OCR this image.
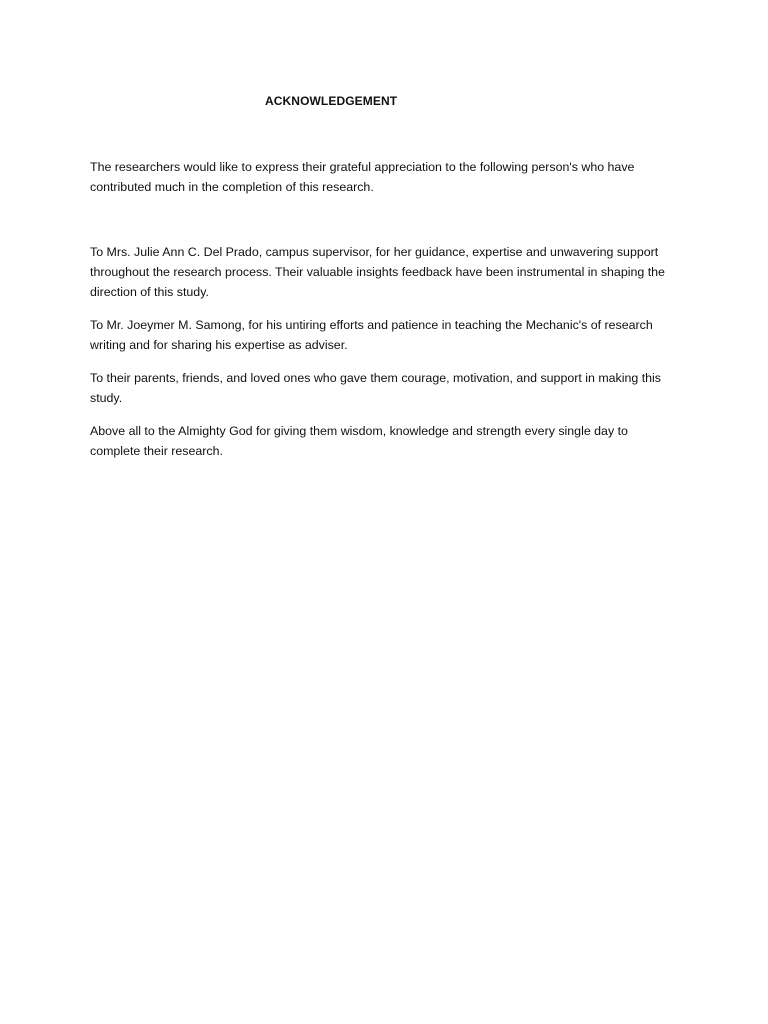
ACKNOWLEDGEMENT

The researchers would like to express their grateful appreciation to the following person's who have contributed much in the completion of this research.

To Mrs. Julie Ann C. Del Prado, campus supervisor, for her guidance, expertise and unwavering support throughout the research process. Their valuable insights feedback have been instrumental in shaping the direction of this study.

To Mr. Joeymer M. Samong, for his untiring efforts and patience in teaching the Mechanic's of research writing and for sharing his expertise as adviser.

To their parents, friends, and loved ones who gave them courage, motivation, and support in making this study.

Above all to the Almighty God for giving them wisdom, knowledge and strength every single day to complete their research.
